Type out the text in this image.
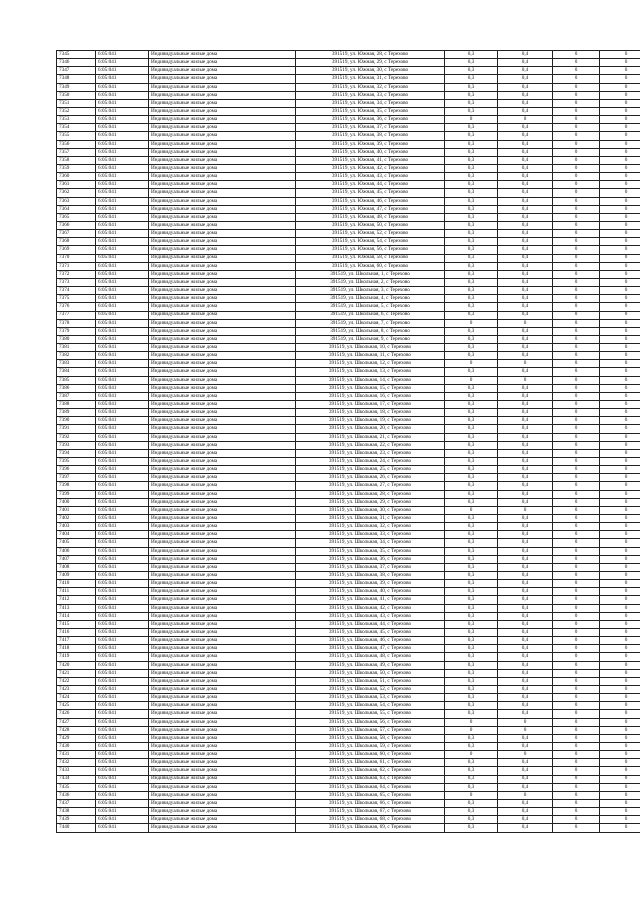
7345	6:05:041	Индивидуальные жилые дома	391519, ул. Южная, 28, с Терехово	0,3	0,4	0	0
7346	6:05:041	Индивидуальные жилые дома	391519, ул. Южная, 29, с Терехово	0,3	0,4	0	0
7347	6:05:041	Индивидуальные жилые дома	391519, ул. Южная, 30, с Терехово	0,3	0,4	0	0
7348	6:05:041	Индивидуальные жилые дома	391519, ул. Южная, 31, с Терехово	0,3	0,4	0	0
7349	6:05:041	Индивидуальные жилые дома	391519, ул. Южная, 32, с Терехово	0,3	0,4	0	0
7350	6:05:041	Индивидуальные жилые дома	391519, ул. Южная, 33, с Терехово	0,3	0,4	0	0
7351	6:05:041	Индивидуальные жилые дома	391519, ул. Южная, 34, с Терехово	0,3	0,4	0	0
7352	6:05:041	Индивидуальные жилые дома	391519, ул. Южная, 35, с Терехово	0,3	0,4	0	0
7353	6:05:041	Индивидуальные жилые дома	391519, ул. Южная, 36, с Терехово	0	0	0	0
7354	6:05:041	Индивидуальные жилые дома	391519, ул. Южная, 37, с Терехово	0,3	0,4	0	0
7355	6:05:041	Индивидуальные жилые дома	391519, ул. Южная, 38, с Терехово	0,3	0,4	0	0
7356	6:05:041	Индивидуальные жилые дома	391519, ул. Южная, 39, с Терехово	0,3	0,4	0	0
7357	6:05:041	Индивидуальные жилые дома	391519, ул. Южная, 40, с Терехово	0,3	0,4	0	0
7358	6:05:041	Индивидуальные жилые дома	391519, ул. Южная, 41, с Терехово	0,3	0,4	0	0
7359	6:05:041	Индивидуальные жилые дома	391519, ул. Южная, 42, с Терехово	0,3	0,4	0	0
7360	6:05:041	Индивидуальные жилые дома	391519, ул. Южная, 43, с Терехово	0,3	0,4	0	0
7361	6:05:041	Индивидуальные жилые дома	391519, ул. Южная, 44, с Терехово	0,3	0,4	0	0
7362	6:05:041	Индивидуальные жилые дома	391519, ул. Южная, 45, с Терехово	0,3	0,4	0	0
7363	6:05:041	Индивидуальные жилые дома	391519, ул. Южная, 46, с Терехово	0,3	0,4	0	0
7364	6:05:041	Индивидуальные жилые дома	391519, ул. Южная, 47, с Терехово	0,3	0,4	0	0
7365	6:05:041	Индивидуальные жилые дома	391519, ул. Южная, 48, с Терехово	0,3	0,4	0	0
7366	6:05:041	Индивидуальные жилые дома	391519, ул. Южная, 50, с Терехово	0,3	0,4	0	0
7367	6:05:041	Индивидуальные жилые дома	391519, ул. Южная, 52, с Терехово	0,3	0,4	0	0
7368	6:05:041	Индивидуальные жилые дома	391519, ул. Южная, 54, с Терехово	0,3	0,4	0	0
7369	6:05:041	Индивидуальные жилые дома	391519, ул. Южная, 56, с Терехово	0,3	0,4	0	0
7370	6:05:041	Индивидуальные жилые дома	391519, ул. Южная, 58, с Терехово	0,3	0,4	0	0
7371	6:05:041	Индивидуальные жилые дома	391519, ул. Южная, 60, с Терехово	0,3	0,4	0	0
7372	6:05:041	Индивидуальные жилые дома	391519, ул. Школьная, 1, с Терехово	0,3	0,4	0	0
7373	6:05:041	Индивидуальные жилые дома	391519, ул. Школьная, 2, с Терехово	0,3	0,4	0	0
7374	6:05:041	Индивидуальные жилые дома	391519, ул. Школьная, 3, с Терехово	0,3	0,4	0	0
7375	6:05:041	Индивидуальные жилые дома	391519, ул. Школьная, 4, с Терехово	0,3	0,4	0	0
7376	6:05:041	Индивидуальные жилые дома	391519, ул. Школьная, 5, с Терехово	0,3	0,4	0	0
7377	6:05:041	Индивидуальные жилые дома	391519, ул. Школьная, 6, с Терехово	0,3	0,4	0	0
7378	6:05:041	Индивидуальные жилые дома	391519, ул. Школьная, 7, с Терехово	0	0	0	0
7379	6:05:041	Индивидуальные жилые дома	391519, ул. Школьная, 8, с Терехово	0,3	0,4	0	0
7380	6:05:041	Индивидуальные жилые дома	391519, ул. Школьная, 9, с Терехово	0,3	0,4	0	0
7381	6:05:041	Индивидуальные жилые дома	391519, ул. Школьная, 10, с Терехово	0,3	0,4	0	0
7382	6:05:041	Индивидуальные жилые дома	391519, ул. Школьная, 11, с Терехово	0,3	0,4	0	0
7383	6:05:041	Индивидуальные жилые дома	391519, ул. Школьная, 12, с Терехово	0	0	0	0
7384	6:05:041	Индивидуальные жилые дома	391519, ул. Школьная, 13, с Терехово	0,3	0,4	0	0
7385	6:05:041	Индивидуальные жилые дома	391519, ул. Школьная, 14, с Терехово	0	0	0	0
7386	6:05:041	Индивидуальные жилые дома	391519, ул. Школьная, 15, с Терехово	0,3	0,4	0	0
7387	6:05:041	Индивидуальные жилые дома	391519, ул. Школьная, 16, с Терехово	0,3	0,4	0	0
7388	6:05:041	Индивидуальные жилые дома	391519, ул. Школьная, 17, с Терехово	0,3	0,4	0	0
7389	6:05:041	Индивидуальные жилые дома	391519, ул. Школьная, 18, с Терехово	0,3	0,4	0	0
7390	6:05:041	Индивидуальные жилые дома	391519, ул. Школьная, 19, с Терехово	0,3	0,4	0	0
7391	6:05:041	Индивидуальные жилые дома	391519, ул. Школьная, 20, с Терехово	0,3	0,4	0	0
7392	6:05:041	Индивидуальные жилые дома	391519, ул. Школьная, 21, с Терехово	0,3	0,4	0	0
7393	6:05:041	Индивидуальные жилые дома	391519, ул. Школьная, 22, с Терехово	0,3	0,4	0	0
7394	6:05:041	Индивидуальные жилые дома	391519, ул. Школьная, 23, с Терехово	0,3	0,4	0	0
7395	6:05:041	Индивидуальные жилые дома	391519, ул. Школьная, 24, с Терехово	0,3	0,4	0	0
7396	6:05:041	Индивидуальные жилые дома	391519, ул. Школьная, 25, с Терехово	0,3	0,4	0	0
7397	6:05:041	Индивидуальные жилые дома	391519, ул. Школьная, 26, с Терехово	0,3	0,4	0	0
7398	6:05:041	Индивидуальные жилые дома	391519, ул. Школьная, 27, с Терехово	0,3	0,4	0	0
7399	6:05:041	Индивидуальные жилые дома	391519, ул. Школьная, 28, с Терехово	0,3	0,4	0	0
7400	6:05:041	Индивидуальные жилые дома	391519, ул. Школьная, 29, с Терехово	0,3	0,4	0	0
7401	6:05:041	Индивидуальные жилые дома	391519, ул. Школьная, 30, с Терехово	0	0	0	0
7402	6:05:041	Индивидуальные жилые дома	391519, ул. Школьная, 31, с Терехово	0,3	0,4	0	0
7403	6:05:041	Индивидуальные жилые дома	391519, ул. Школьная, 32, с Терехово	0,3	0,4	0	0
7404	6:05:041	Индивидуальные жилые дома	391519, ул. Школьная, 33, с Терехово	0,3	0,4	0	0
7405	6:05:041	Индивидуальные жилые дома	391519, ул. Школьная, 34, с Терехово	0,3	0,4	0	0
7406	6:05:041	Индивидуальные жилые дома	391519, ул. Школьная, 35, с Терехово	0,3	0,4	0	0
7407	6:05:041	Индивидуальные жилые дома	391519, ул. Школьная, 36, с Терехово	0,3	0,4	0	0
7408	6:05:041	Индивидуальные жилые дома	391519, ул. Школьная, 37, с Терехово	0,3	0,4	0	0
7409	6:05:041	Индивидуальные жилые дома	391519, ул. Школьная, 38, с Терехово	0,3	0,4	0	0
7410	6:05:041	Индивидуальные жилые дома	391519, ул. Школьная, 39, с Терехово	0,3	0,4	0	0
7411	6:05:041	Индивидуальные жилые дома	391519, ул. Школьная, 40, с Терехово	0,3	0,4	0	0
7412	6:05:041	Индивидуальные жилые дома	391519, ул. Школьная, 41, с Терехово	0,3	0,4	0	0
7413	6:05:041	Индивидуальные жилые дома	391519, ул. Школьная, 42, с Терехово	0,3	0,4	0	0
7414	6:05:041	Индивидуальные жилые дома	391519, ул. Школьная, 43, с Терехово	0,3	0,4	0	0
7415	6:05:041	Индивидуальные жилые дома	391519, ул. Школьная, 44, с Терехово	0,3	0,4	0	0
7416	6:05:041	Индивидуальные жилые дома	391519, ул. Школьная, 45, с Терехово	0,3	0,4	0	0
7417	6:05:041	Индивидуальные жилые дома	391519, ул. Школьная, 46, с Терехово	0,3	0,4	0	0
7418	6:05:041	Индивидуальные жилые дома	391519, ул. Школьная, 47, с Терехово	0,3	0,4	0	0
7419	6:05:041	Индивидуальные жилые дома	391519, ул. Школьная, 48, с Терехово	0,3	0,4	0	0
7420	6:05:041	Индивидуальные жилые дома	391519, ул. Школьная, 49, с Терехово	0,3	0,4	0	0
7421	6:05:041	Индивидуальные жилые дома	391519, ул. Школьная, 50, с Терехово	0,3	0,4	0	0
7422	6:05:041	Индивидуальные жилые дома	391519, ул. Школьная, 51, с Терехово	0,3	0,4	0	0
7423	6:05:041	Индивидуальные жилые дома	391519, ул. Школьная, 52, с Терехово	0,3	0,4	0	0
7424	6:05:041	Индивидуальные жилые дома	391519, ул. Школьная, 53, с Терехово	0,3	0,4	0	0
7425	6:05:041	Индивидуальные жилые дома	391519, ул. Школьная, 54, с Терехово	0,3	0,4	0	0
7426	6:05:041	Индивидуальные жилые дома	391519, ул. Школьная, 55, с Терехово	0,3	0,4	0	0
7427	6:05:041	Индивидуальные жилые дома	391519, ул. Школьная, 56, с Терехово	0	0	0	0
7428	6:05:041	Индивидуальные жилые дома	391519, ул. Школьная, 57, с Терехово	0	0	0	0
7429	6:05:041	Индивидуальные жилые дома	391519, ул. Школьная, 58, с Терехово	0,3	0,4	0	0
7430	6:05:041	Индивидуальные жилые дома	391519, ул. Школьная, 59, с Терехово	0,3	0,4	0	0
7431	6:05:041	Индивидуальные жилые дома	391519, ул. Школьная, 60, с Терехово	0	0	0	0
7432	6:05:041	Индивидуальные жилые дома	391519, ул. Школьная, 61, с Терехово	0,3	0,4	0	0
7433	6:05:041	Индивидуальные жилые дома	391519, ул. Школьная, 62, с Терехово	0,3	0,4	0	0
7434	6:05:041	Индивидуальные жилые дома	391519, ул. Школьная, 63, с Терехово	0,3	0,4	0	0
7435	6:05:041	Индивидуальные жилые дома	391519, ул. Школьная, 64, с Терехово	0,3	0,4	0	0
7436	6:05:041	Индивидуальные жилые дома	391519, ул. Школьная, 65, с Терехово	0	0	0	0
7437	6:05:041	Индивидуальные жилые дома	391519, ул. Школьная, 66, с Терехово	0,3	0,4	0	0
7438	6:05:041	Индивидуальные жилые дома	391519, ул. Школьная, 67, с Терехово	0,3	0,4	0	0
7439	6:05:041	Индивидуальные жилые дома	391519, ул. Школьная, 68, с Терехово	0,3	0,4	0	0
7440	6:05:041	Индивидуальные жилые дома	391519, ул. Школьная, 69, с Терехово	0,3	0,4	0	0
